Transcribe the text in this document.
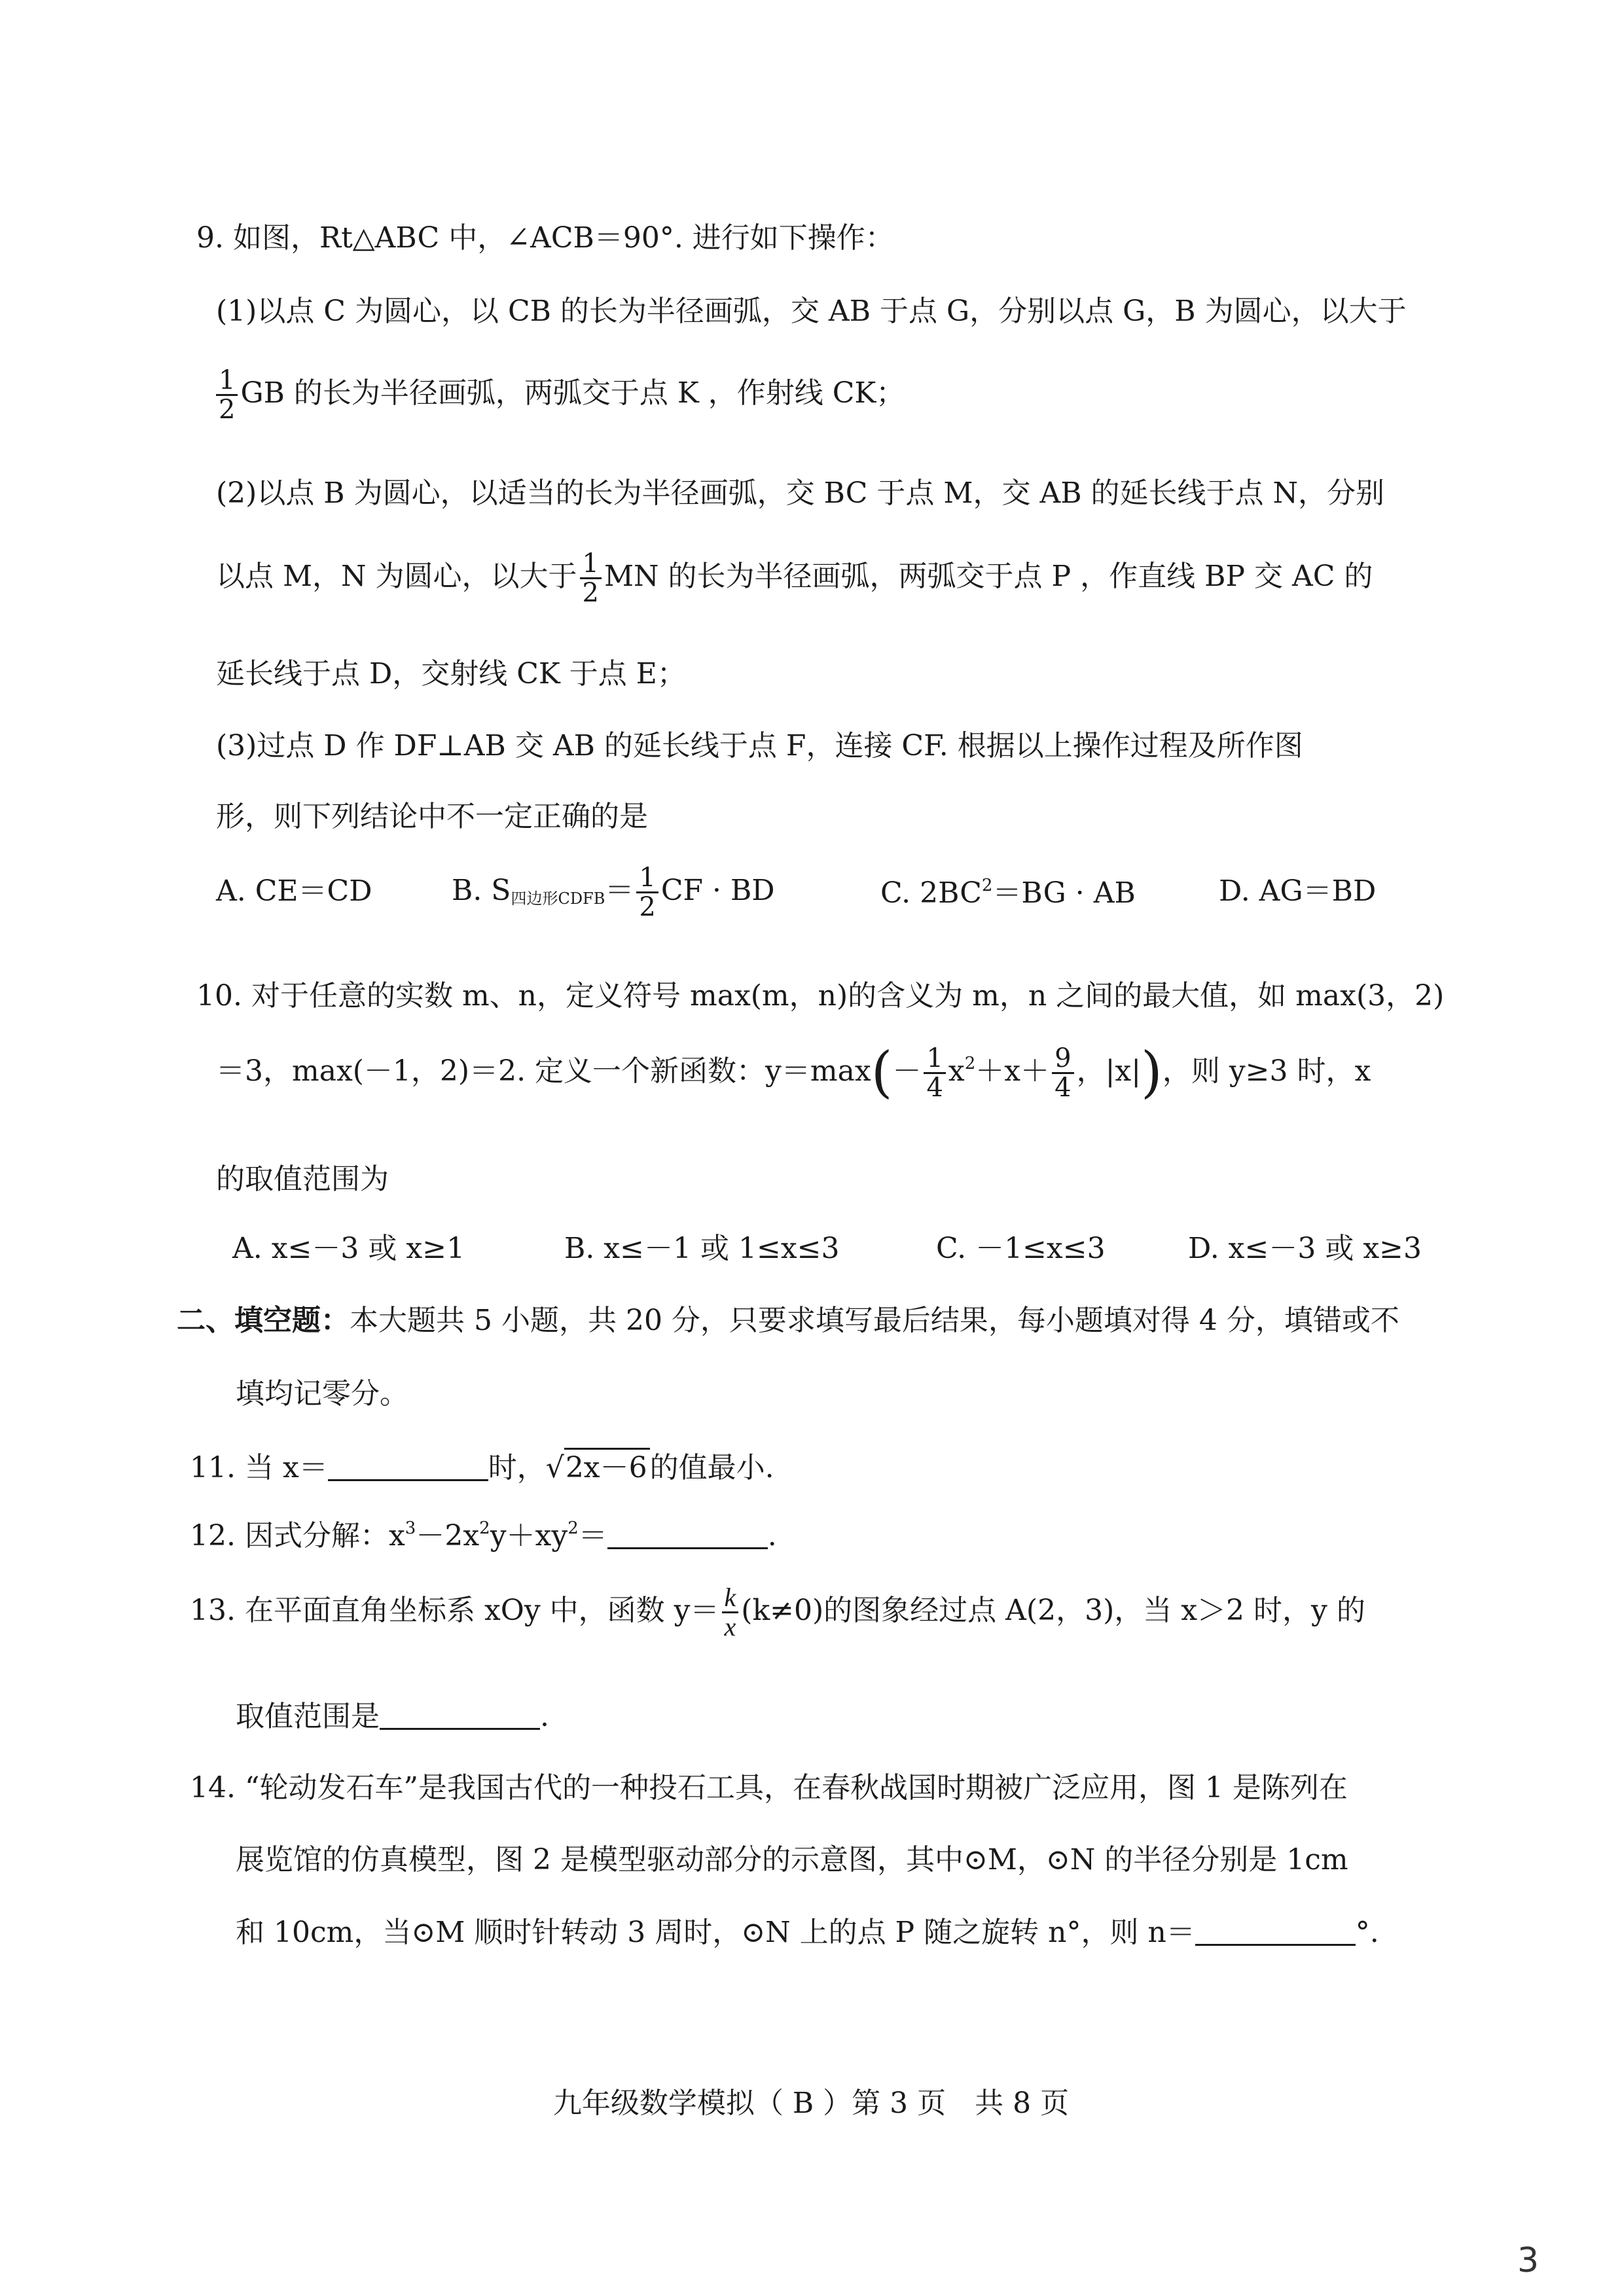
9. 如图，Rt△ABC 中，∠ACB＝90°. 进行如下操作：
(1)以点 C 为圆心，以 CB 的长为半径画弧，交 AB 于点 G，分别以点 G，B 为圆心，以大于
$\frac{1}{2}$ GB 的长为半径画弧，两弧交于点 K ，作射线 CK；
(2)以点 B 为圆心，以适当的长为半径画弧，交 BC 于点 M，交 AB 的延长线于点 N，分别
以点 M，N 为圆心，以大于 $\frac{1}{2}$ MN 的长为半径画弧，两弧交于点 P ，作直线 BP 交 AC 的
延长线于点 D，交射线 CK 于点 E；
(3)过点 D 作 DF⊥AB 交 AB 的延长线于点 F，连接 CF. 根据以上操作过程及所作图
形，则下列结论中不一定正确的是
A. CE＝CD	B. $S_{四边形CDFB}= \frac{1}{2}$ CF · BD	C. $2BC^2=BG$ · AB	D. AG＝BD
10. 对于任意的实数 m、n，定义符号 max(m，n)的含义为 m，n 之间的最大值，如 max(3，2)
＝3，max(－1，2)＝2. 定义一个新函数：$y=\max(- \frac{1}{4} x^2+x+ \frac{9}{4}$ ，|x|)，则 y≥3 时，x
的取值范围为
A. x≤－3 或 x≥1	B. x≤－1 或 1≤x≤3	C. －1≤x≤3	D. x≤－3 或 x≥3
二、填空题：本大题共 5 小题，共 20 分，只要求填写最后结果，每小题填对得 4 分，填错或不
填均记零分。
11. 当 x＝	时，√2x－6的值最小.
12. 因式分解：$x^3-2x^2y+xy^2=$	.
13. 在平面直角坐标系 xOy 中，函数 $y= \frac{k}{x} (k\ne 0)$的图象经过点 A(2，3)，当 x＞2 时，y 的
取值范围是	.
14. “轮动发石车”是我国古代的一种投石工具，在春秋战国时期被广泛应用，图 1 是陈列在
展览馆的仿真模型，图 2 是模型驱动部分的示意图，其中⊙M，⊙N 的半径分别是 1cm
和 10cm，当⊙M 顺时针转动 3 周时，⊙N 上的点 P 随之旋转 n°，则 n＝	°.
九年级数学模拟（ B ）第 3 页　共 8 页
3
